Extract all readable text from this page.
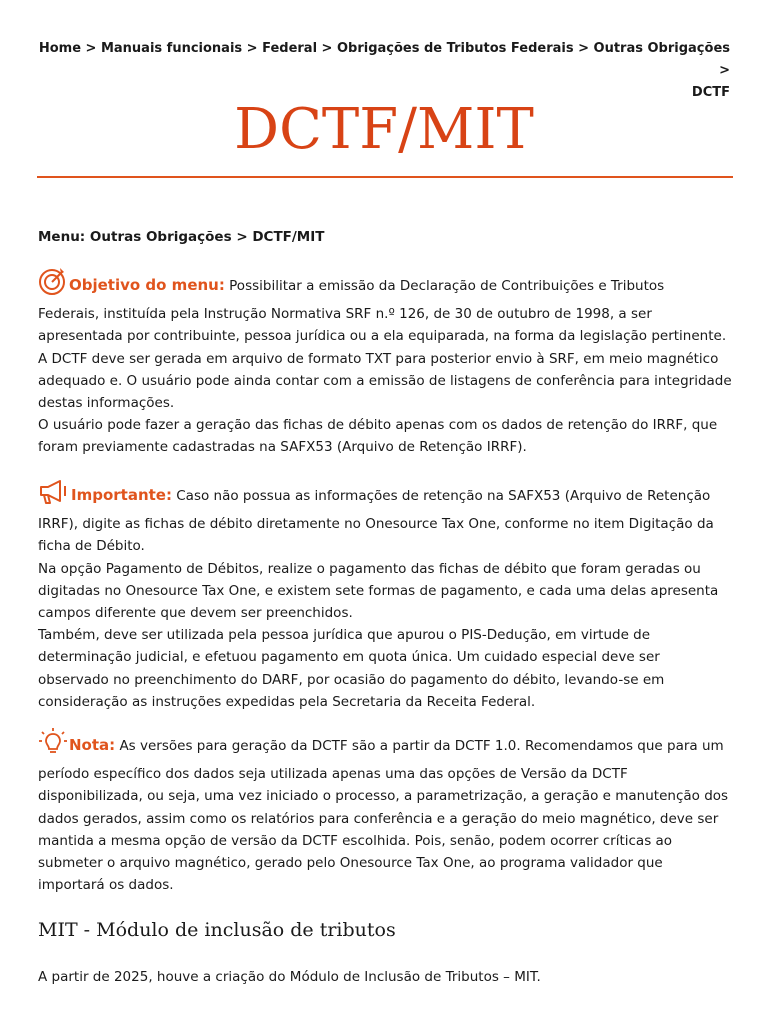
Home > Manuais funcionais > Federal > Obrigações de Tributos Federais > Outras Obrigações >
DCTF
DCTF/MIT
Menu: Outras Obrigações > DCTF/MIT
Objetivo do menu: Possibilitar a emissão da Declaração de Contribuições e Tributos
Federais, instituída pela Instrução Normativa SRF n.º 126, de 30 de outubro de 1998, a ser
apresentada por contribuinte, pessoa jurídica ou a ela equiparada, na forma da legislação pertinente.
A DCTF deve ser gerada em arquivo de formato TXT para posterior envio à SRF, em meio magnético
adequado e. O usuário pode ainda contar com a emissão de listagens de conferência para integridade
destas informações.
O usuário pode fazer a geração das fichas de débito apenas com os dados de retenção do IRRF, que
foram previamente cadastradas na SAFX53 (Arquivo de Retenção IRRF).
Importante: Caso não possua as informações de retenção na SAFX53 (Arquivo de Retenção
IRRF), digite as fichas de débito diretamente no Onesource Tax One, conforme no item Digitação da
ficha de Débito.
Na opção Pagamento de Débitos, realize o pagamento das fichas de débito que foram geradas ou
digitadas no Onesource Tax One, e existem sete formas de pagamento, e cada uma delas apresenta
campos diferente que devem ser preenchidos.
Também, deve ser utilizada pela pessoa jurídica que apurou o PIS-Dedução, em virtude de
determinação judicial, e efetuou pagamento em quota única. Um cuidado especial deve ser
observado no preenchimento do DARF, por ocasião do pagamento do débito, levando-se em
consideração as instruções expedidas pela Secretaria da Receita Federal.
Nota: As versões para geração da DCTF são a partir da DCTF 1.0. Recomendamos que para um
período específico dos dados seja utilizada apenas uma das opções de Versão da DCTF
disponibilizada, ou seja, uma vez iniciado o processo, a parametrização, a geração e manutenção dos
dados gerados, assim como os relatórios para conferência e a geração do meio magnético, deve ser
mantida a mesma opção de versão da DCTF escolhida. Pois, senão, podem ocorrer críticas ao
submeter o arquivo magnético, gerado pelo Onesource Tax One, ao programa validador que
importará os dados.
MIT - Módulo de inclusão de tributos

A partir de 2025, houve a criação do Módulo de Inclusão de Tributos – MIT.
